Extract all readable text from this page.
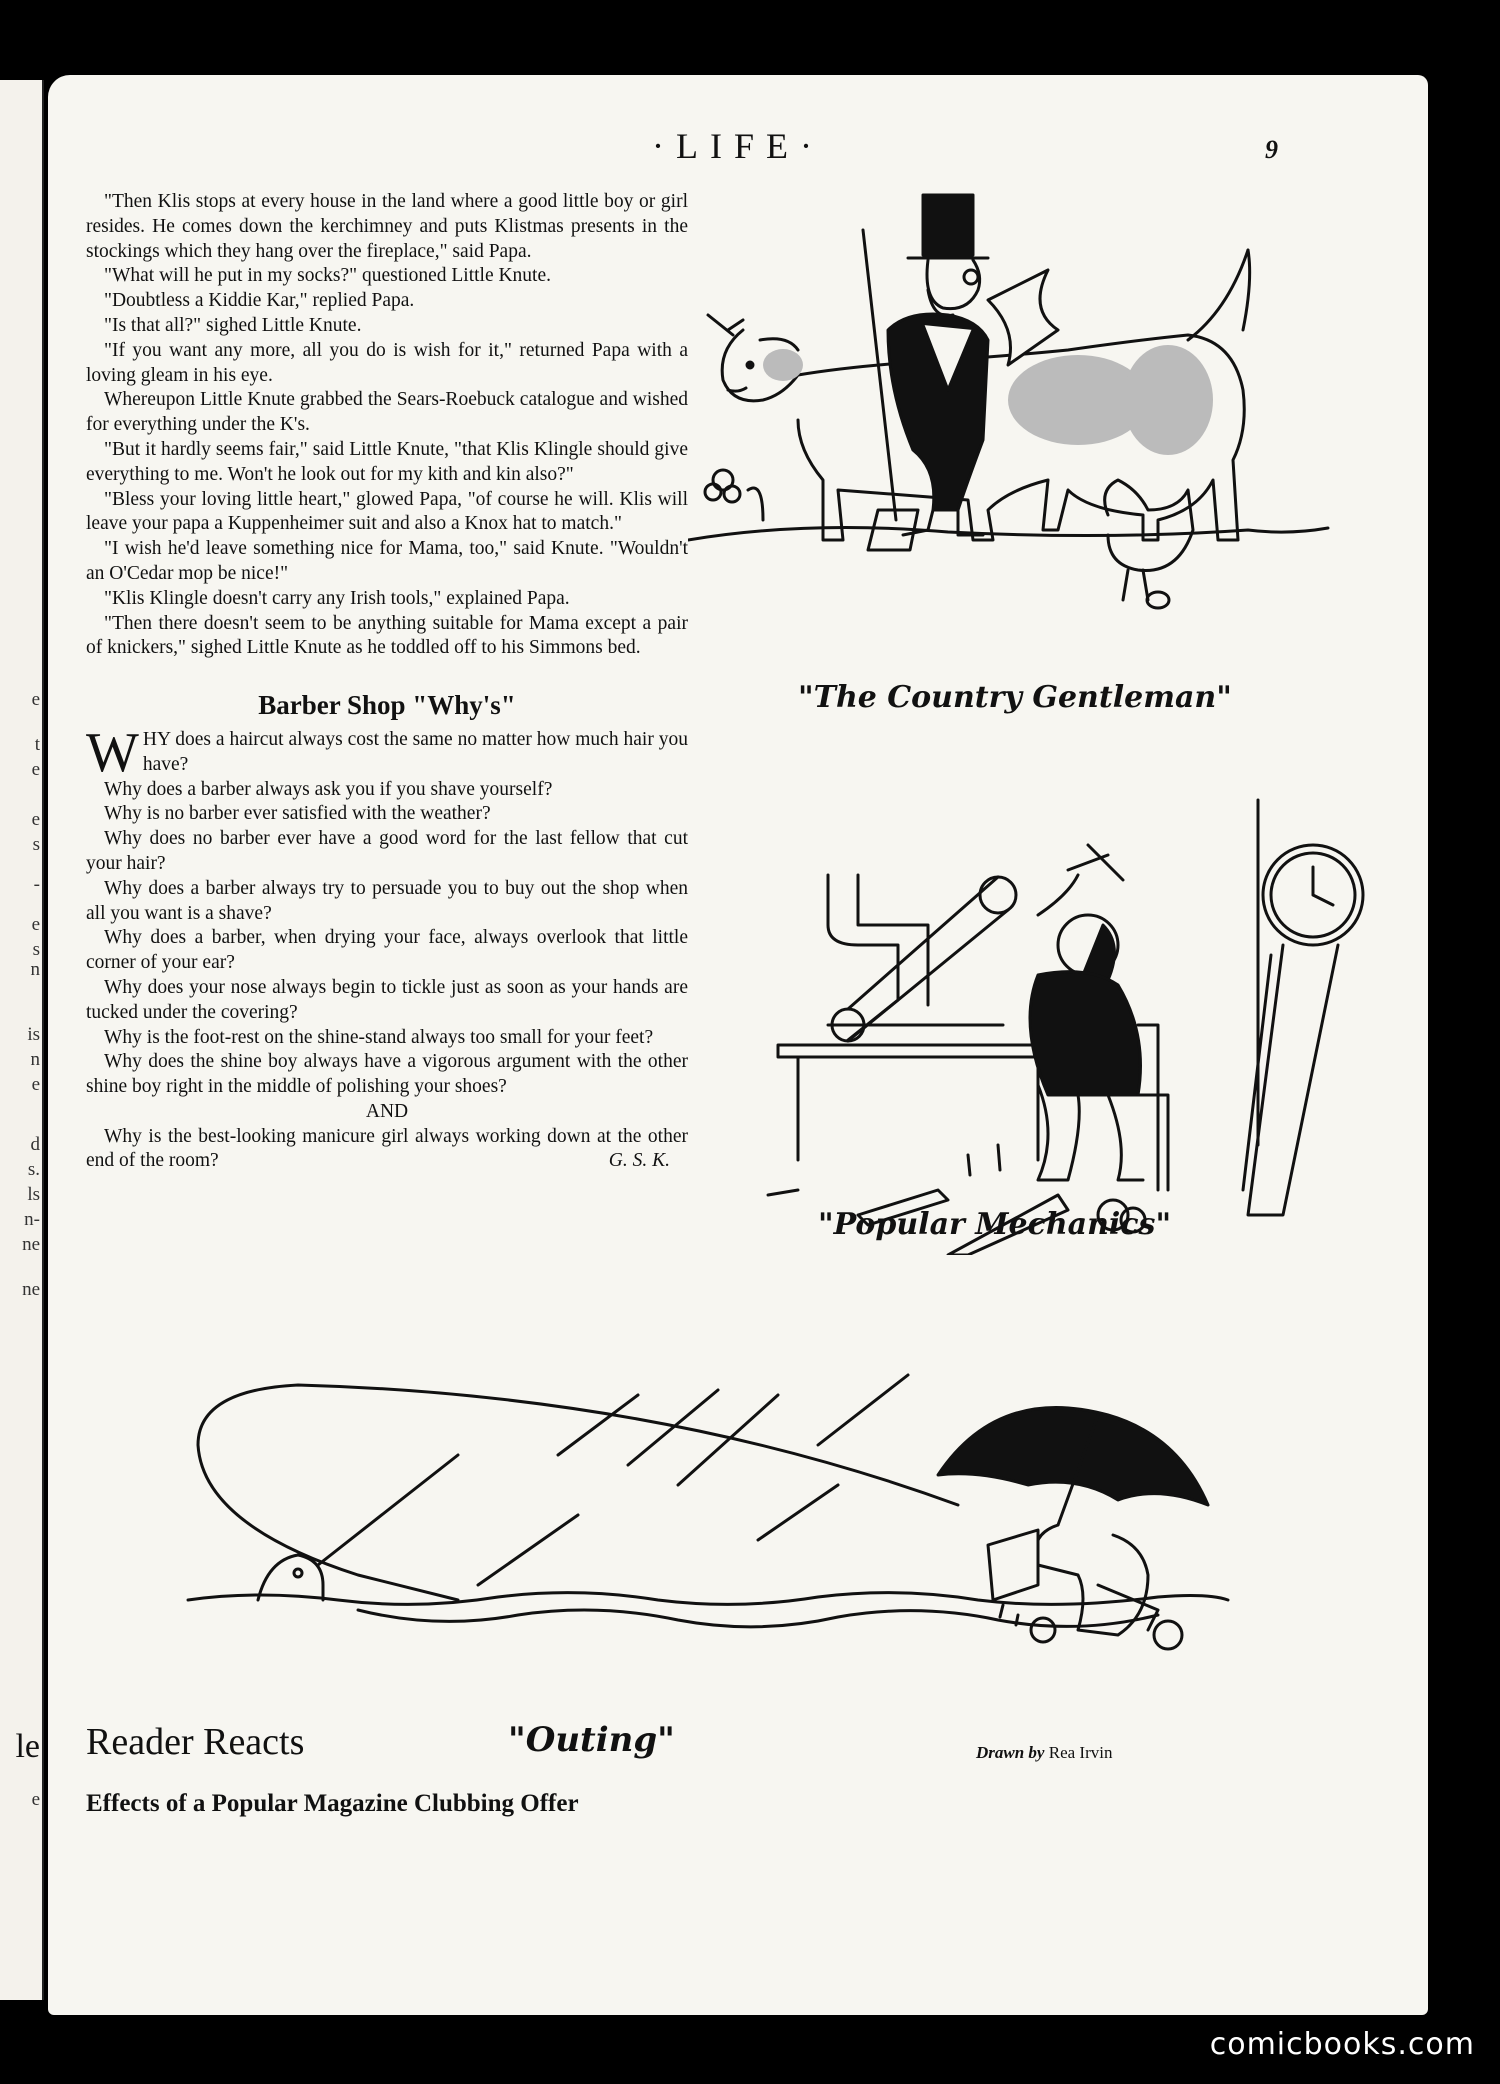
e
t
e
e
s
-
e
s
n
is
n
e
d
s.
ls
n-
ne
ne
le
e
·LIFE·	9

"Then Klis stops at every house in the land where a good little boy or girl resides. He comes down the kerchimney and puts Klistmas presents in the stockings which they hang over the fireplace," said Papa.

"What will he put in my socks?" questioned Little Knute.

"Doubtless a Kiddie Kar," replied Papa.

"Is that all?" sighed Little Knute.

"If you want any more, all you do is wish for it," returned Papa with a loving gleam in his eye.

Whereupon Little Knute grabbed the Sears-Roebuck catalogue and wished for everything under the K's.

"But it hardly seems fair," said Little Knute, "that Klis Klingle should give everything to me. Won't he look out for my kith and kin also?"

"Bless your loving little heart," glowed Papa, "of course he will. Klis will leave your papa a Kuppenheimer suit and also a Knox hat to match."

"I wish he'd leave something nice for Mama, too," said Knute. "Wouldn't an O'Cedar mop be nice!"

"Klis Klingle doesn't carry any Irish tools," explained Papa.

"Then there doesn't seem to be anything suitable for Mama except a pair of knickers," sighed Little Knute as he toddled off to his Simmons bed.

Barber Shop "Why's"

WHY does a haircut always cost the same no matter how much hair you have?

Why does a barber always ask you if you shave yourself?

Why is no barber ever satisfied with the weather?

Why does no barber ever have a good word for the last fellow that cut your hair?

Why does a barber always try to persuade you to buy out the shop when all you want is a shave?

Why does a barber, when drying your face, always overlook that little corner of your ear?

Why does your nose always begin to tickle just as soon as your hands are tucked under the covering?

Why is the foot-rest on the shine-stand always too small for your feet?

Why does the shine boy always have a vigorous argument with the other shine boy right in the middle of polishing your shoes?

AND

Why is the best-looking manicure girl always working down at the other end of the room?	G. S. K.

"The Country Gentleman"
"Popular Mechanics"
Reader Reacts	"Outing"	Drawn by Rea Irvin
Effects of a Popular Magazine Clubbing Offer
comicbooks.com
